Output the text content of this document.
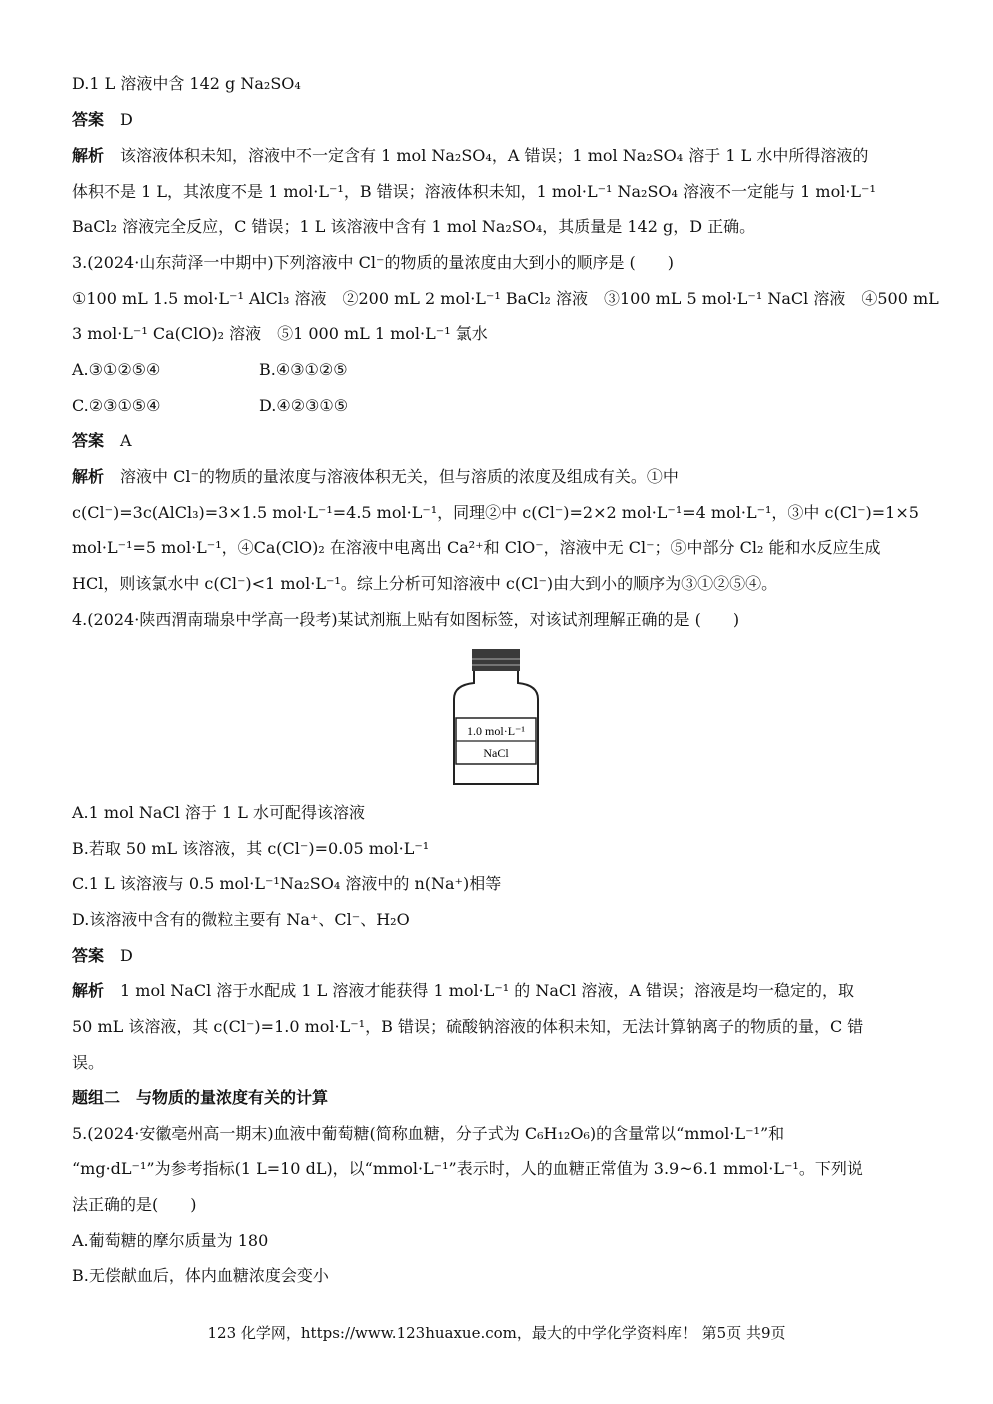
D.1 L 溶液中含 142 g Na₂SO₄
答案　 D
解析　 该溶液体积未知，溶液中不一定含有 1 mol Na₂SO₄，A 错误；1 mol Na₂SO₄ 溶于 1 L 水中所得溶液的
体积不是 1 L，其浓度不是 1 mol·L⁻¹，B 错误；溶液体积未知，1 mol·L⁻¹ Na₂SO₄ 溶液不一定能与 1 mol·L⁻¹
BaCl₂ 溶液完全反应，C 错误；1 L 该溶液中含有 1 mol Na₂SO₄，其质量是 142 g，D 正确。
3.(2024·山东菏泽一中期中)下列溶液中 Cl⁻的物质的量浓度由大到小的顺序是 (　　)
①100 mL 1.5 mol·L⁻¹ AlCl₃ 溶液　②200 mL 2 mol·L⁻¹ BaCl₂ 溶液　③100 mL 5 mol·L⁻¹ NaCl 溶液　④500 mL
3 mol·L⁻¹ Ca(ClO)₂ 溶液　⑤1 000 mL 1 mol·L⁻¹ 氯水
A.③①②⑤④	B.④③①②⑤
C.②③①⑤④	D.④②③①⑤
答案　 A
解析　 溶液中 Cl⁻的物质的量浓度与溶液体积无关，但与溶质的浓度及组成有关。①中
c(Cl⁻)=3c(AlCl₃)=3×1.5 mol·L⁻¹=4.5 mol·L⁻¹，同理②中 c(Cl⁻)=2×2 mol·L⁻¹=4 mol·L⁻¹，③中 c(Cl⁻)=1×5
mol·L⁻¹=5 mol·L⁻¹，④Ca(ClO)₂ 在溶液中电离出 Ca²⁺和 ClO⁻，溶液中无 Cl⁻；⑤中部分 Cl₂ 能和水反应生成
HCl，则该氯水中 c(Cl⁻)<1 mol·L⁻¹。综上分析可知溶液中 c(Cl⁻)由大到小的顺序为③①②⑤④。
4.(2024·陕西渭南瑞泉中学高一段考)某试剂瓶上贴有如图标签，对该试剂理解正确的是 (　　)
1.0 mol·L⁻¹
NaCl
A.1 mol NaCl 溶于 1 L 水可配得该溶液
B.若取 50 mL 该溶液，其 c(Cl⁻)=0.05 mol·L⁻¹
C.1 L 该溶液与 0.5 mol·L⁻¹Na₂SO₄ 溶液中的 n(Na⁺)相等
D.该溶液中含有的微粒主要有 Na⁺、Cl⁻、H₂O
答案　 D
解析　 1 mol NaCl 溶于水配成 1 L 溶液才能获得 1 mol·L⁻¹ 的 NaCl 溶液，A 错误；溶液是均一稳定的，取
50 mL 该溶液，其 c(Cl⁻)=1.0 mol·L⁻¹，B 错误；硫酸钠溶液的体积未知，无法计算钠离子的物质的量，C 错
误。
题组二　与物质的量浓度有关的计算
5.(2024·安徽亳州高一期末)血液中葡萄糖(简称血糖，分子式为 C₆H₁₂O₆)的含量常以“mmol·L⁻¹”和
“mg·dL⁻¹”为参考指标(1 L=10 dL)，以“mmol·L⁻¹”表示时，人的血糖正常值为 3.9~6.1 mmol·L⁻¹。下列说
法正确的是(　　)
A.葡萄糖的摩尔质量为 180
B.无偿献血后，体内血糖浓度会变小
123 化学网，https://www.123huaxue.com，最大的中学化学资料库！ 第5页 共9页
